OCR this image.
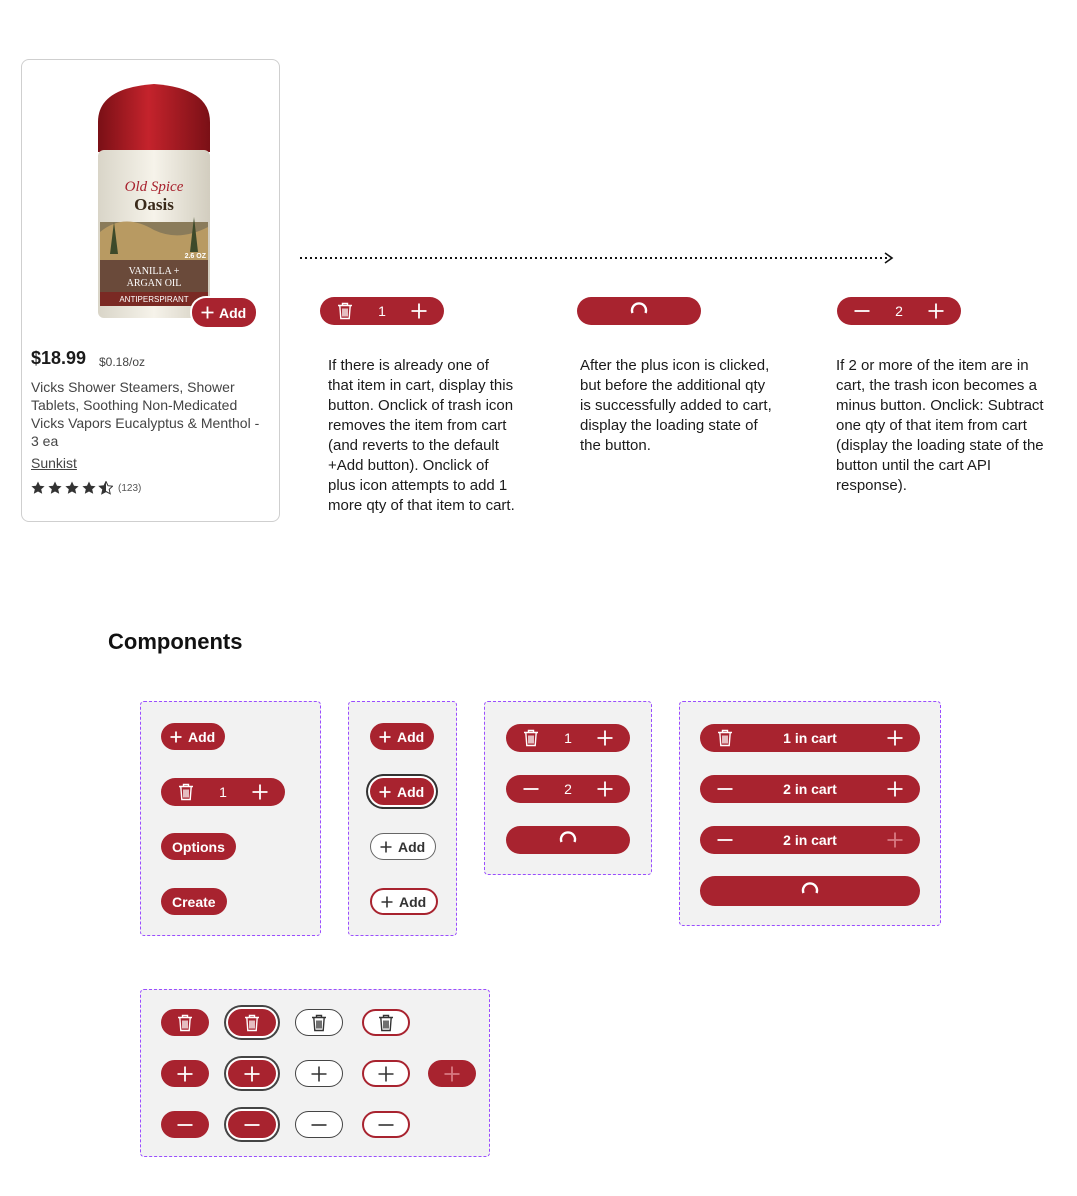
Old Spice
Oasis
2.6 OZ
VANILLA +
ARGAN OIL
ANTIPERSPIRANT
Add
$18.99 $0.18/oz
Vicks Shower Steamers, Shower Tablets, Soothing Non-Medicated Vicks Vapors Eucalyptus & Menthol - 3 ea
Sunkist
(123)
1	2
If there is already one of that item in cart, display this button. Onclick of trash icon removes the item from cart (and reverts to the default +Add button). Onclick of plus icon attempts to add 1 more qty of that item to cart.
After the plus icon is clicked, but before the additional qty is successfully added to cart, display the loading state of the button.
If 2 or more of the item are in cart, the trash icon becomes a minus button. Onclick: Subtract one qty of that item from cart (display the loading state of the button until the cart API response).
Components
Add
1
Options
Create
Add
Add
Add
Add
1
2
1 in cart
2 in cart
2 in cart
